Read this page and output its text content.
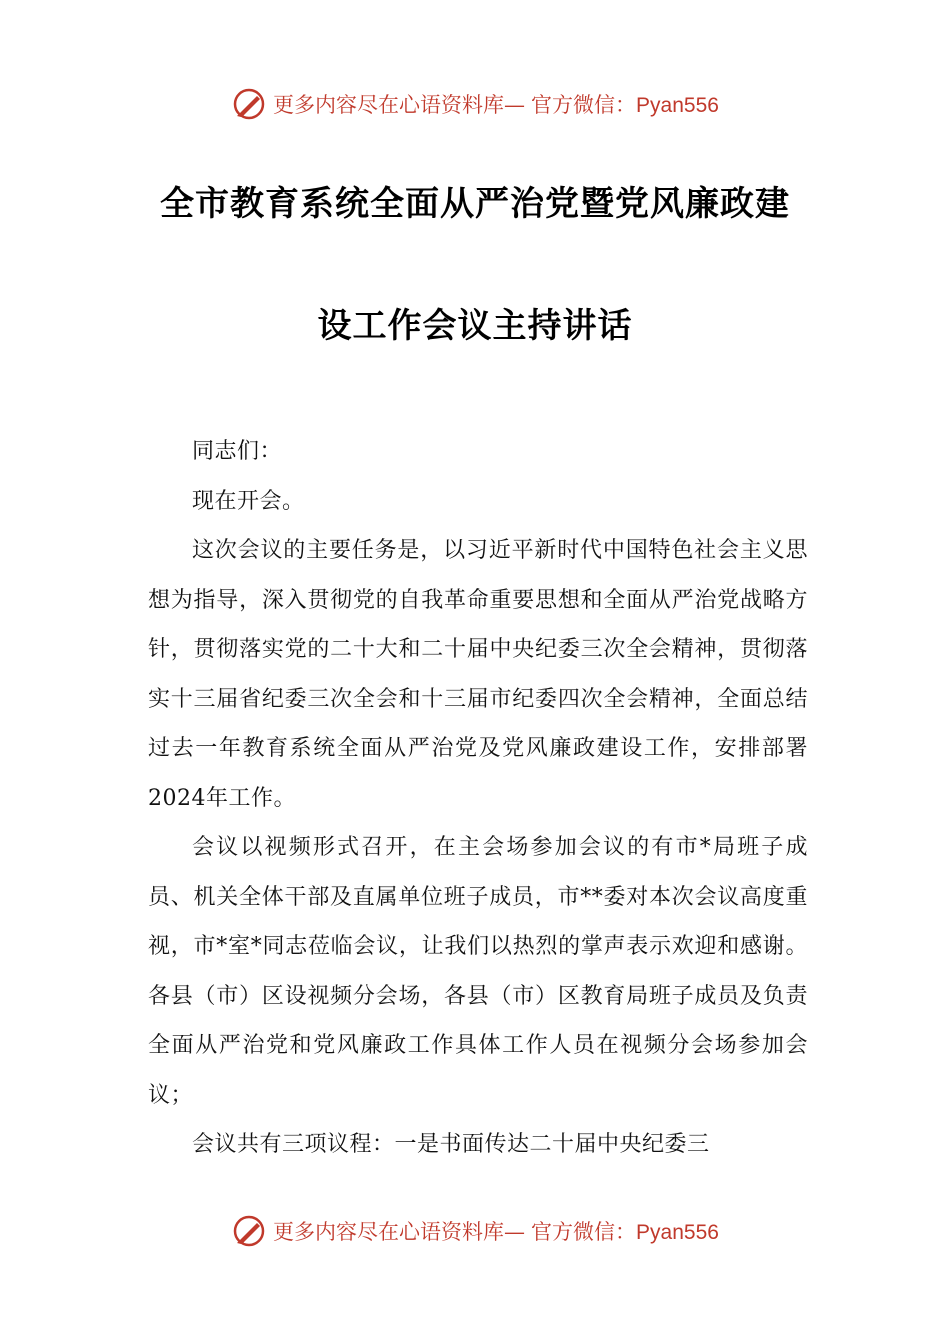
更多内容尽在心语资料库— 官方微信：Pyan556
全市教育系统全面从严治党暨党风廉政建
设工作会议主持讲话

同志们：

现在开会。

这次会议的主要任务是，以习近平新时代中国特色社会主义思想为指导，深入贯彻党的自我革命重要思想和全面从严治党战略方针，贯彻落实党的二十大和二十届中央纪委三次全会精神，贯彻落实十三届省纪委三次全会和十三届市纪委四次全会精神，全面总结过去一年教育系统全面从严治党及党风廉政建设工作，安排部署2024年工作。

会议以视频形式召开，在主会场参加会议的有市*局班子成员、机关全体干部及直属单位班子成员，市**委对本次会议高度重视，市*室*同志莅临会议，让我们以热烈的掌声表示欢迎和感谢。各县（市）区设视频分会场，各县（市）区教育局班子成员及负责全面从严治党和党风廉政工作具体工作人员在视频分会场参加会议；

会议共有三项议程：一是书面传达二十届中央纪委三

更多内容尽在心语资料库— 官方微信：Pyan556
